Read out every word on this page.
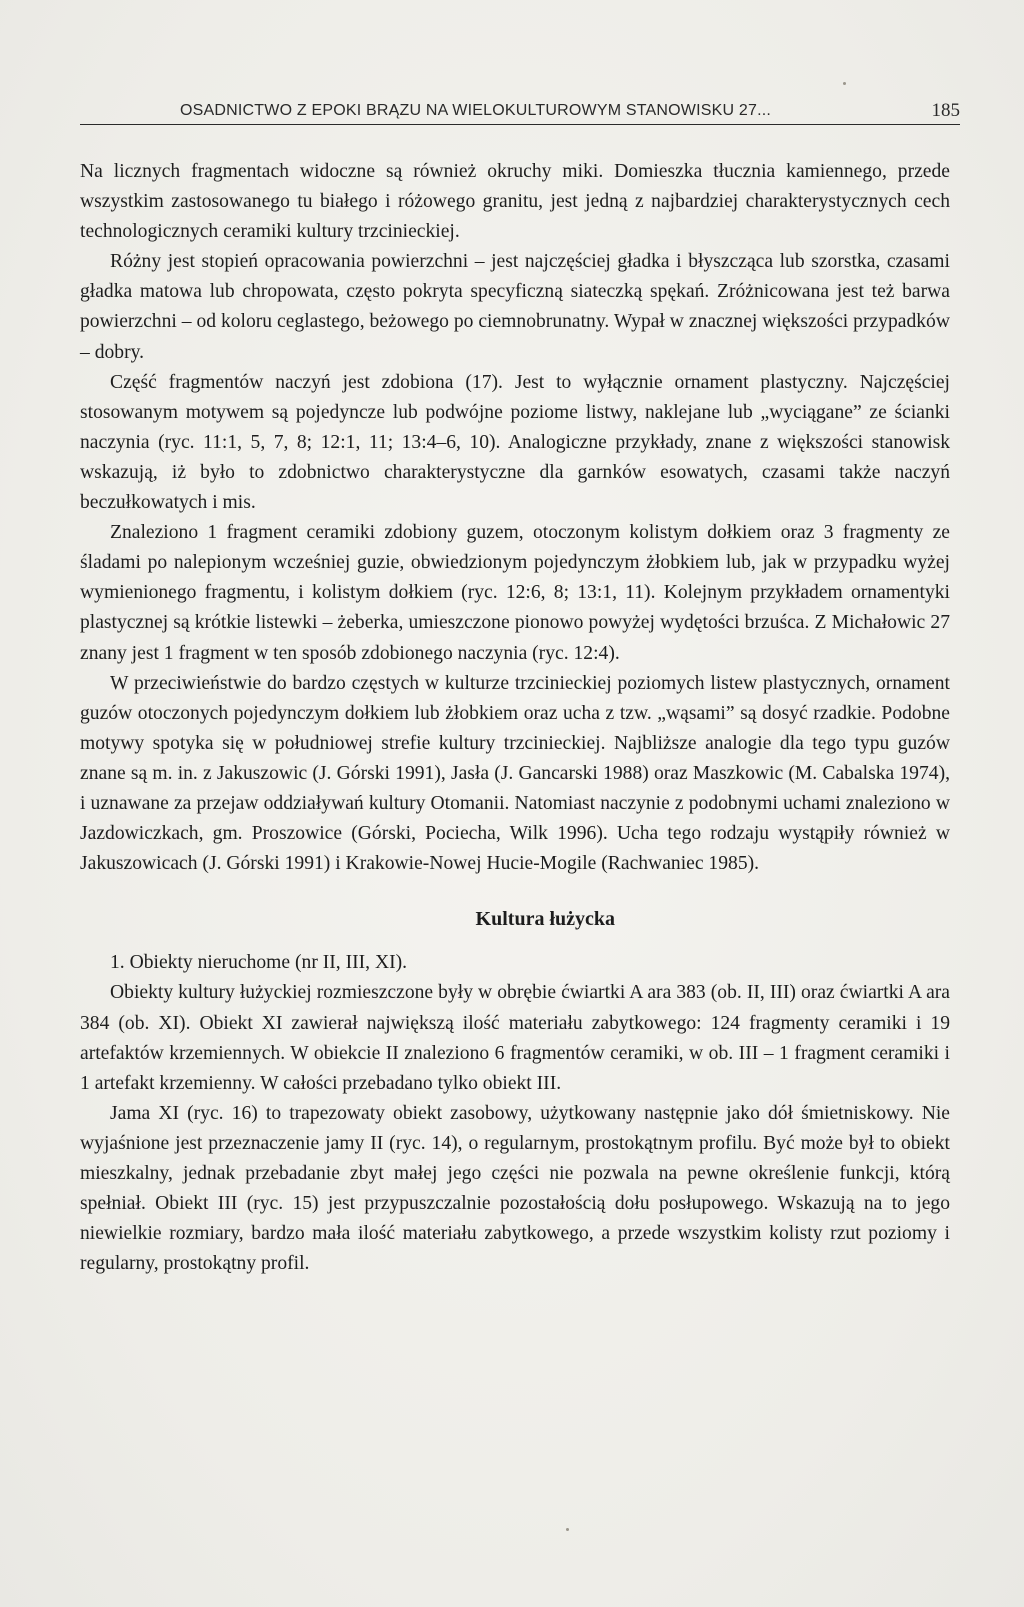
OSADNICTWO Z EPOKI BRĄZU NA WIELOKULTUROWYM STANOWISKU 27...	185

Na licznych fragmentach widoczne są również okruchy miki. Domieszka tłucznia kamiennego, przede wszystkim zastosowanego tu białego i różowego granitu, jest jedną z najbardziej charakterystycznych cech technologicznych ceramiki kultury trzcinieckiej.

Różny jest stopień opracowania powierzchni – jest najczęściej gładka i błyszcząca lub szorstka, czasami gładka matowa lub chropowata, często pokryta specyficzną siateczką spękań. Zróżnicowana jest też barwa powierzchni – od koloru ceglastego, beżowego po ciemnobrunatny. Wypał w znacznej większości przypadków – dobry.

Część fragmentów naczyń jest zdobiona (17). Jest to wyłącznie ornament plastyczny. Najczęściej stosowanym motywem są pojedyncze lub podwójne poziome listwy, naklejane lub „wyciągane” ze ścianki naczynia (ryc. 11:1, 5, 7, 8; 12:1, 11; 13:4–6, 10). Analogiczne przykłady, znane z większości stanowisk wskazują, iż było to zdobnictwo charakterystyczne dla garnków esowatych, czasami także naczyń beczułkowatych i mis.

Znaleziono 1 fragment ceramiki zdobiony guzem, otoczonym kolistym dołkiem oraz 3 fragmenty ze śladami po nalepionym wcześniej guzie, obwiedzionym pojedynczym żłobkiem lub, jak w przypadku wyżej wymienionego fragmentu, i kolistym dołkiem (ryc. 12:6, 8; 13:1, 11). Kolejnym przykładem ornamentyki plastycznej są krótkie listewki – żeberka, umieszczone pionowo powyżej wydętości brzuśca. Z Michałowic 27 znany jest 1 fragment w ten sposób zdobionego naczynia (ryc. 12:4).

W przeciwieństwie do bardzo częstych w kulturze trzcinieckiej poziomych listew plastycznych, ornament guzów otoczonych pojedynczym dołkiem lub żłobkiem oraz ucha z tzw. „wąsami” są dosyć rzadkie. Podobne motywy spotyka się w południowej strefie kultury trzcinieckiej. Najbliższe analogie dla tego typu guzów znane są m. in. z Jakuszowic (J. Górski 1991), Jasła (J. Gancarski 1988) oraz Maszkowic (M. Cabalska 1974), i uznawane za przejaw oddziaływań kultury Otomanii. Natomiast naczynie z podobnymi uchami znaleziono w Jazdowiczkach, gm. Proszowice (Górski, Pociecha, Wilk 1996). Ucha tego rodzaju wystąpiły również w Jakuszowicach (J. Górski 1991) i Krakowie-Nowej Hucie-Mogile (Rachwaniec 1985).

Kultura łużycka

1. Obiekty nieruchome (nr II, III, XI).

Obiekty kultury łużyckiej rozmieszczone były w obrębie ćwiartki A ara 383 (ob. II, III) oraz ćwiartki A ara 384 (ob. XI). Obiekt XI zawierał największą ilość materiału zabytkowego: 124 fragmenty ceramiki i 19 artefaktów krzemiennych. W obiekcie II znaleziono 6 fragmentów ceramiki, w ob. III – 1 fragment ceramiki i 1 artefakt krzemienny. W całości przebadano tylko obiekt III.

Jama XI (ryc. 16) to trapezowaty obiekt zasobowy, użytkowany następnie jako dół śmietniskowy. Nie wyjaśnione jest przeznaczenie jamy II (ryc. 14), o regularnym, prostokątnym profilu. Być może był to obiekt mieszkalny, jednak przebadanie zbyt małej jego części nie pozwala na pewne określenie funkcji, którą spełniał. Obiekt III (ryc. 15) jest przypuszczalnie pozostałością dołu posłupowego. Wskazują na to jego niewielkie rozmiary, bardzo mała ilość materiału zabytkowego, a przede wszystkim kolisty rzut poziomy i regularny, prostokątny profil.
